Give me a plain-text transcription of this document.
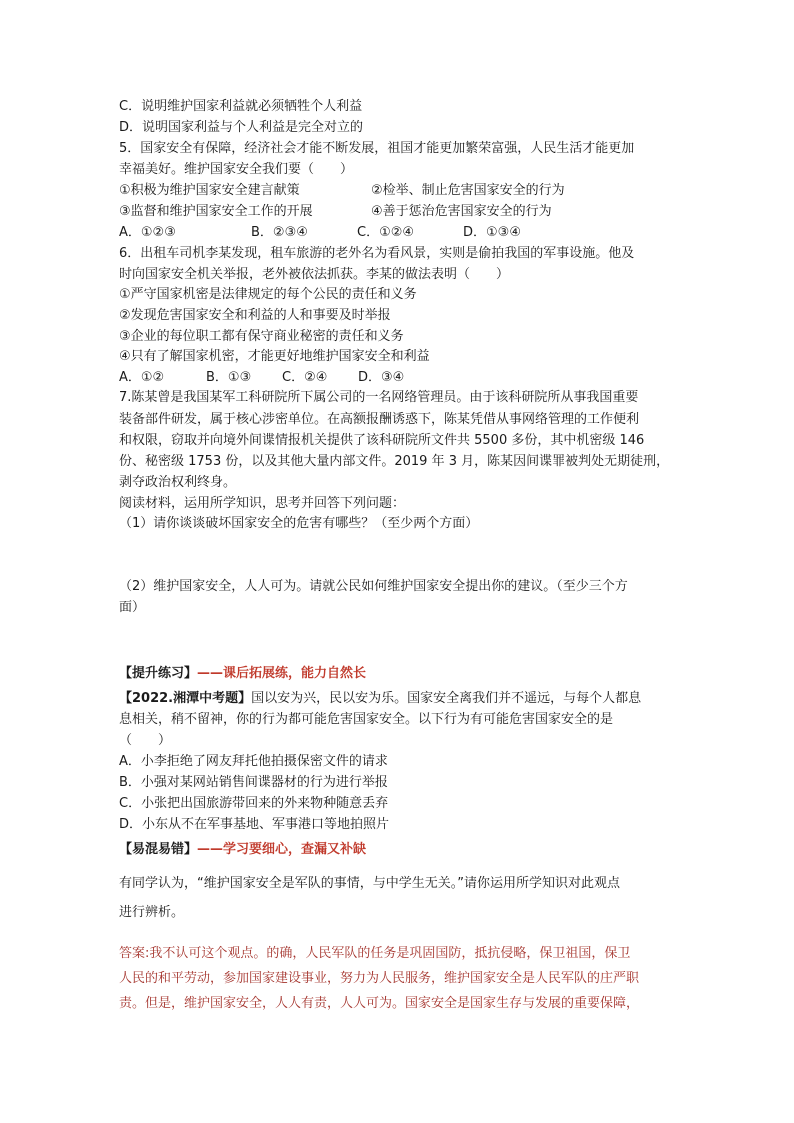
C．说明维护国家利益就必须牺牲个人利益
D．说明国家利益与个人利益是完全对立的
5．国家安全有保障，经济社会才能不断发展，祖国才能更加繁荣富强，人民生活才能更加
幸福美好。维护国家安全我们要（　　）
①积极为维护国家安全建言献策	②检举、制止危害国家安全的行为
③监督和维护国家安全工作的开展	④善于惩治危害国家安全的行为
A．①②③	B．②③④	C．①②④	D．①③④
6．出租车司机李某发现，租车旅游的老外名为看风景，实则是偷拍我国的军事设施。他及
时向国家安全机关举报，老外被依法抓获。李某的做法表明（　　）
①严守国家机密是法律规定的每个公民的责任和义务
②发现危害国家安全和利益的人和事要及时举报
③企业的每位职工都有保守商业秘密的责任和义务
④只有了解国家机密，才能更好地维护国家安全和利益
A．①②	B．①③ C．②④ D．③④
7.陈某曾是我国某军工科研院所下属公司的一名网络管理员。由于该科研院所从事我国重要
装备部件研发，属于核心涉密单位。在高额报酬诱惑下，陈某凭借从事网络管理的工作便利
和权限，窃取并向境外间谍情报机关提供了该科研院所文件共 5500 多份，其中机密级 146
份、秘密级 1753 份，以及其他大量内部文件。2019 年 3 月，陈某因间谍罪被判处无期徒刑，
剥夺政治权利终身。
阅读材料，运用所学知识，思考并回答下列问题：
（1）请你谈谈破坏国家安全的危害有哪些？（至少两个方面）
（2）维护国家安全，人人可为。请就公民如何维护国家安全提出你的建议。（至少三个方
面）
【提升练习】——课后拓展练，能力自然长
【2022.湘潭中考题】国以安为兴，民以安为乐。国家安全离我们并不遥远，与每个人都息
息相关，稍不留神，你的行为都可能危害国家安全。以下行为有可能危害国家安全的是
（　　）
A．小李拒绝了网友拜托他拍摄保密文件的请求
B．小强对某网站销售间谍器材的行为进行举报
C．小张把出国旅游带回来的外来物种随意丢弃
D．小东从不在军事基地、军事港口等地拍照片
【易混易错】——学习要细心，查漏又补缺
有同学认为，“维护国家安全是军队的事情，与中学生无关。”请你运用所学知识对此观点
进行辨析。
答案:我不认可这个观点。的确，人民军队的任务是巩固国防，抵抗侵略，保卫祖国，保卫
人民的和平劳动，参加国家建设事业，努力为人民服务，维护国家安全是人民军队的庄严职
责。但是，维护国家安全，人人有责，人人可为。国家安全是国家生存与发展的重要保障，
